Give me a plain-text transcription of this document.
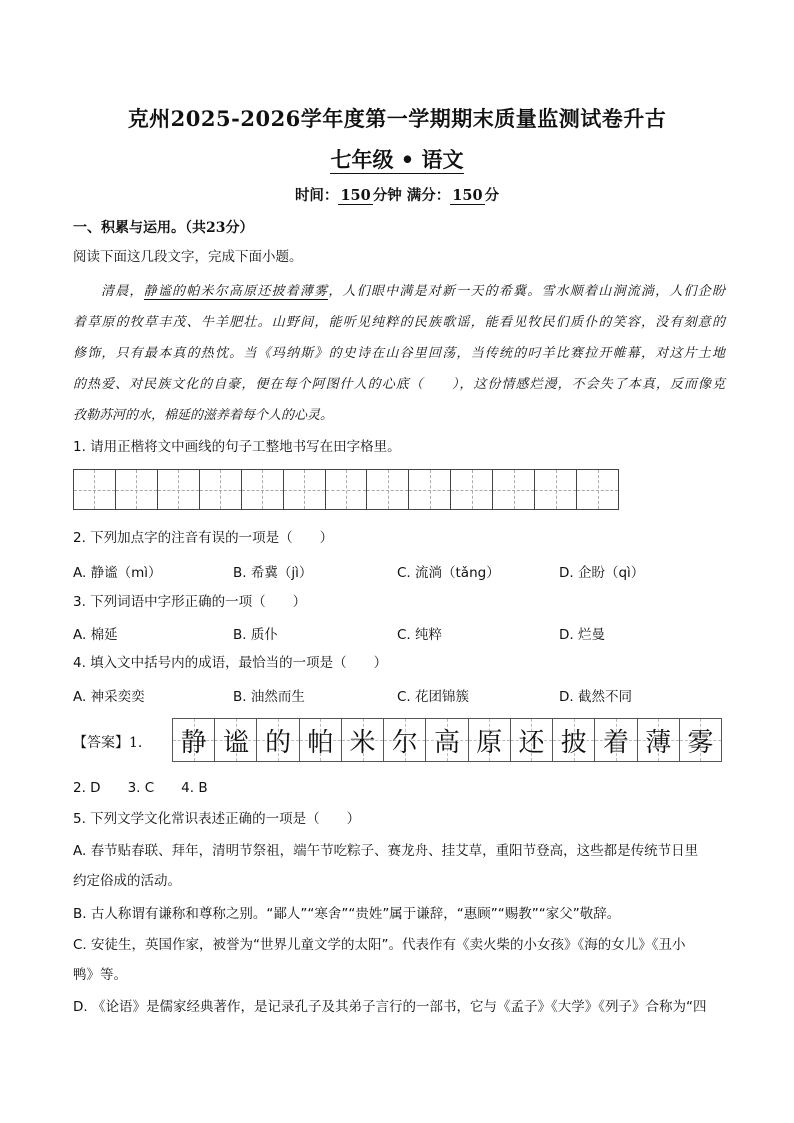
克州2025-2026学年度第一学期期末质量监测试卷升古
七年级 • 语文
时间： 150 分钟 满分： 150 分
一、积累与运用。（共23分）
阅读下面这几段文字，完成下面小题。
清晨，静谧的帕米尔高原还披着薄雾，人们眼中满是对新一天的希冀。雪水顺着山涧流淌，人们企盼
着草原的牧草丰茂、牛羊肥壮。山野间，能听见纯粹的民族歌谣，能看见牧民们质仆的笑容，没有刻意的
修饰，只有最本真的热忱。当《玛纳斯》的史诗在山谷里回荡，当传统的叼羊比赛拉开帷幕，对这片土地
的热爱、对民族文化的自豪，便在每个阿图什人的心底（　　），这份情感烂漫，不会失了本真，反而像克
孜勒苏河的水，棉延的滋养着每个人的心灵。
1. 请用正楷将文中画线的句子工整地书写在田字格里。
2. 下列加点字的注音有误的一项是（　　）
A. 静谧（mì）	B. 希冀（jì）	C. 流淌（tǎng）	D. 企盼（qì）
3. 下列词语中字形正确的一项（　　）
A. 棉延	B. 质仆	C. 纯粹	D. 烂曼
4. 填入文中括号内的成语，最恰当的一项是（　　）
A. 神采奕奕	B. 油然而生	C. 花团锦簇	D. 截然不同
【答案】1. 静 谧 的 帕 米 尔 高 原 还 披 着 薄 雾
2. D　　3. C　　4. B
5. 下列文学文化常识表述正确的一项是（　　）
A. 春节贴春联、拜年，清明节祭祖，端午节吃粽子、赛龙舟、挂艾草，重阳节登高，这些都是传统节日里
约定俗成的活动。
B. 古人称谓有谦称和尊称之别。“鄙人”“寒舍”“贵姓”属于谦辞，“惠顾”“赐教”“家父”敬辞。
C. 安徒生，英国作家，被誉为“世界儿童文学的太阳”。代表作有《卖火柴的小女孩》《海的女儿》《丑小
鸭》等。
D. 《论语》是儒家经典著作，是记录孔子及其弟子言行的一部书，它与《孟子》《大学》《列子》合称为“四
